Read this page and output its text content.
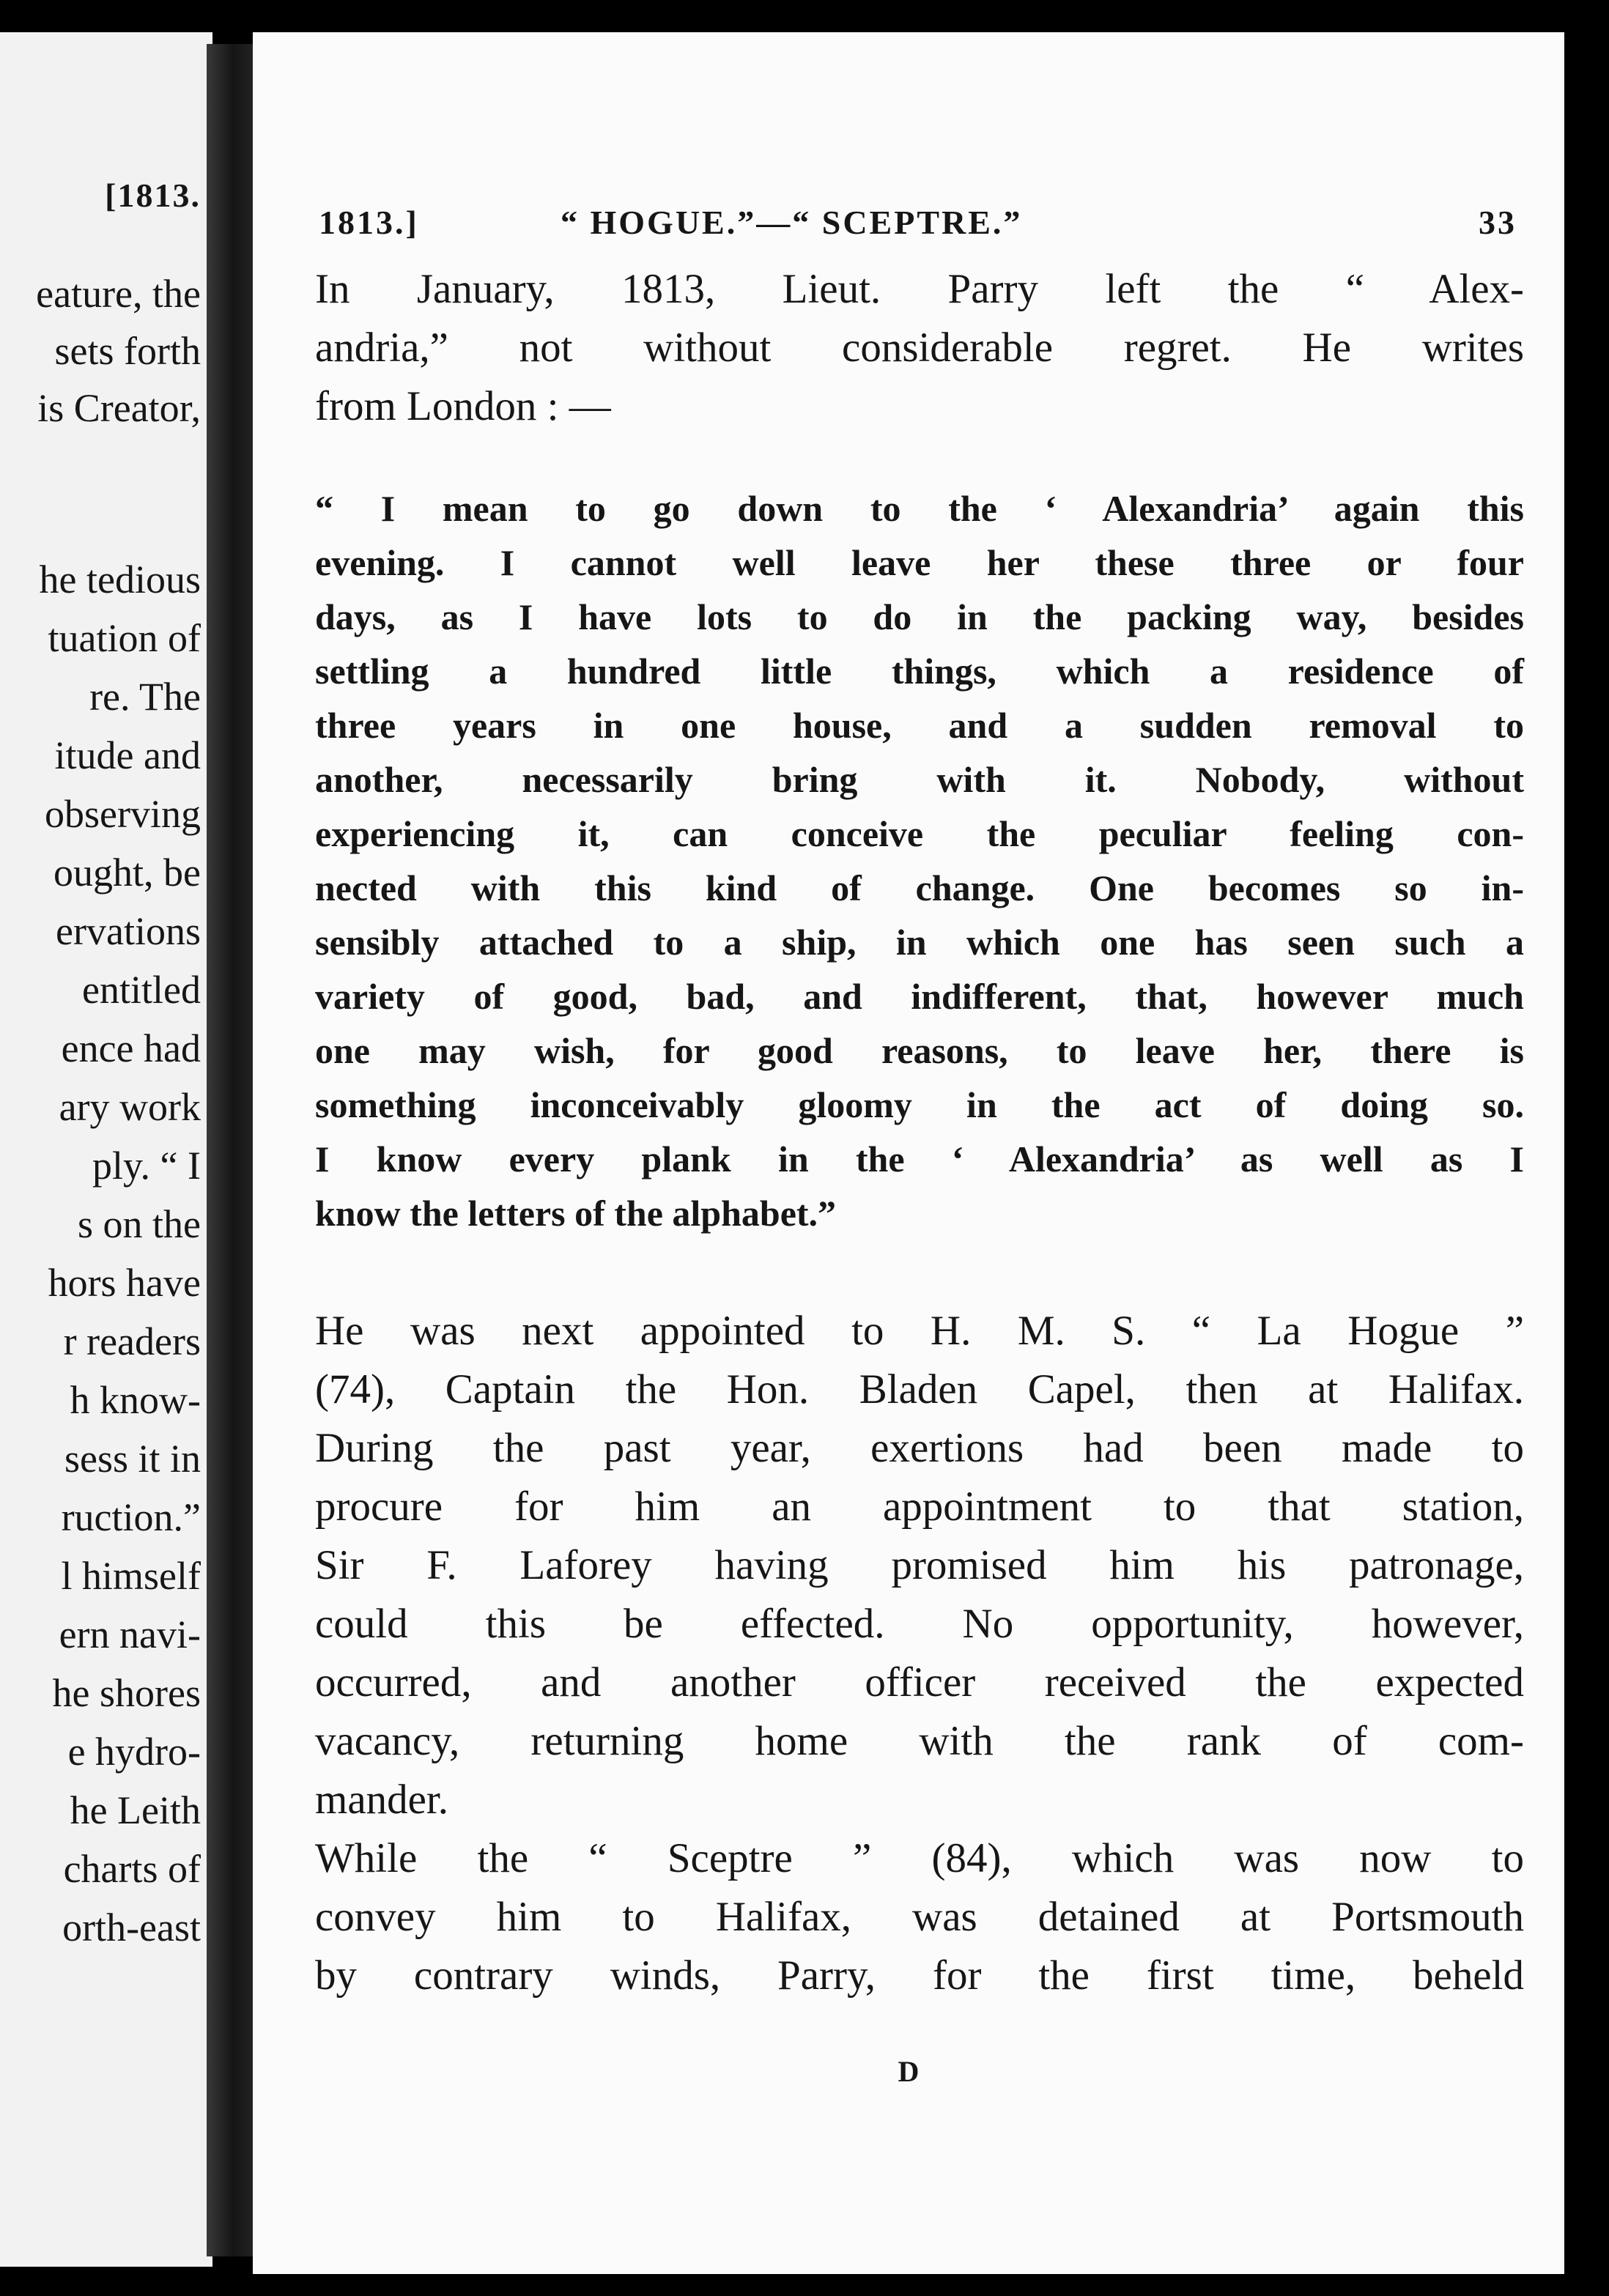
[1813.
eature, the
sets forth
is Creator,
he tedious
tuation of
re. The
itude and
observing
ought, be
ervations
entitled
ence had
ary work
ply. “ I
s on the
hors have
r readers
h know-
sess it in
ruction.”
l himself
ern navi-
he shores
e hydro-
he Leith
charts of
orth-east
1813.]	“ HOGUE.”—“ SCEPTRE.”	33
In January, 1813, Lieut. Parry left the “ Alex-
andria,” not without considerable regret. He writes
from London : —
“ I mean to go down to the ‘ Alexandria’ again this
evening. I cannot well leave her these three or four
days, as I have lots to do in the packing way, besides
settling a hundred little things, which a residence of
three years in one house, and a sudden removal to
another, necessarily bring with it. Nobody, without
experiencing it, can conceive the peculiar feeling con-
nected with this kind of change. One becomes so in-
sensibly attached to a ship, in which one has seen such a
variety of good, bad, and indifferent, that, however much
one may wish, for good reasons, to leave her, there is
something inconceivably gloomy in the act of doing so.
I know every plank in the ‘ Alexandria’ as well as I
know the letters of the alphabet.”
He was next appointed to H. M. S. “ La Hogue ”
(74), Captain the Hon. Bladen Capel, then at Halifax.
During the past year, exertions had been made to
procure for him an appointment to that station,
Sir F. Laforey having promised him his patronage,
could this be effected. No opportunity, however,
occurred, and another officer received the expected
vacancy, returning home with the rank of com-
mander.
While the “ Sceptre ” (84), which was now to
convey him to Halifax, was detained at Portsmouth
by contrary winds, Parry, for the first time, beheld
D
